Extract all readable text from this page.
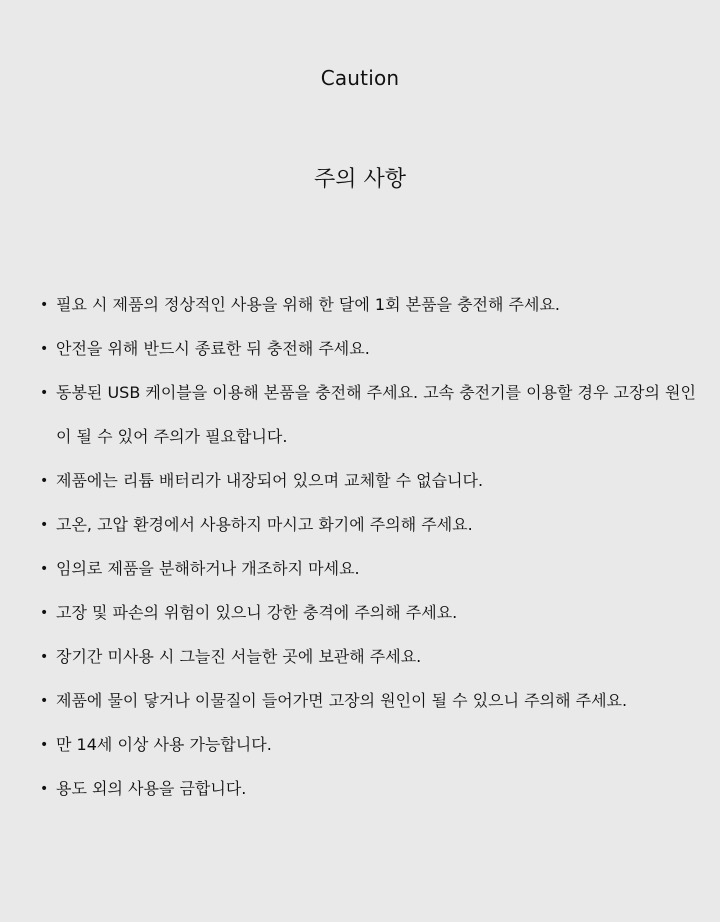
Caution
주의 사항
• 필요 시 제품의 정상적인 사용을 위해 한 달에 1회 본품을 충전해 주세요.
• 안전을 위해 반드시 종료한 뒤 충전해 주세요.
• 동봉된 USB 케이블을 이용해 본품을 충전해 주세요. 고속 충전기를 이용할 경우 고장의 원인이 될 수 있어 주의가 필요합니다.
• 제품에는 리튬 배터리가 내장되어 있으며 교체할 수 없습니다.
• 고온, 고압 환경에서 사용하지 마시고 화기에 주의해 주세요.
• 임의로 제품을 분해하거나 개조하지 마세요.
• 고장 및 파손의 위험이 있으니 강한 충격에 주의해 주세요.
• 장기간 미사용 시 그늘진 서늘한 곳에 보관해 주세요.
• 제품에 물이 닿거나 이물질이 들어가면 고장의 원인이 될 수 있으니 주의해 주세요.
• 만 14세 이상 사용 가능합니다.
• 용도 외의 사용을 금합니다.
